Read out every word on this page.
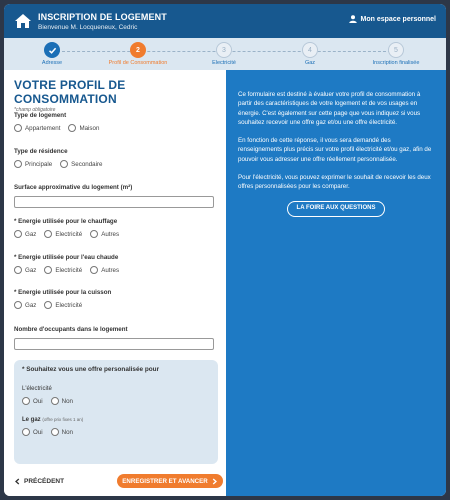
INSCRIPTION DE LOGEMENT
Bienvenue M. Locqueneux, Cedric
Mon espace personnel
Adresse
2
Profil de Consommation
3
Electricité
4
Gaz
5
Inscription finalisée
VOTRE PROFIL DE CONSOMMATION
*champ obligatoire
Type de logement
Appartement	Maison
Type de résidence
Principale	Secondaire
Surface approximative du logement (m²)
* Energie utilisée pour le chauffage
Gaz	Electricité	Autres
* Energie utilisée pour l'eau chaude
Gaz	Electricité	Autres
* Energie utilisée pour la cuisson
Gaz	Electricité
Nombre d'occupants dans le logement
* Souhaitez vous une offre personalisée pour
L'électricité
Oui	Non
Le gaz (offre prix fixes 1 an)
Oui	Non
PRÉCÉDENT	ENREGISTRER ET AVANCER

Ce formulaire est destiné à évaluer votre profil de consommation à partir des caractéristiques de votre logement et de vos usages en énergie. C'est également sur cette page que vous indiquez si vous souhaitez recevoir une offre gaz et/ou une offre électricité.

En fonction de cette réponse, il vous sera demandé des renseignements plus précis sur votre profil électricité et/ou gaz, afin de pouvoir vous adresser une offre réellement personnalisée.

Pour l'électricité, vous pouvez exprimer le souhait de recevoir les deux offres personnalisées pour les comparer.

LA FOIRE AUX QUESTIONS
